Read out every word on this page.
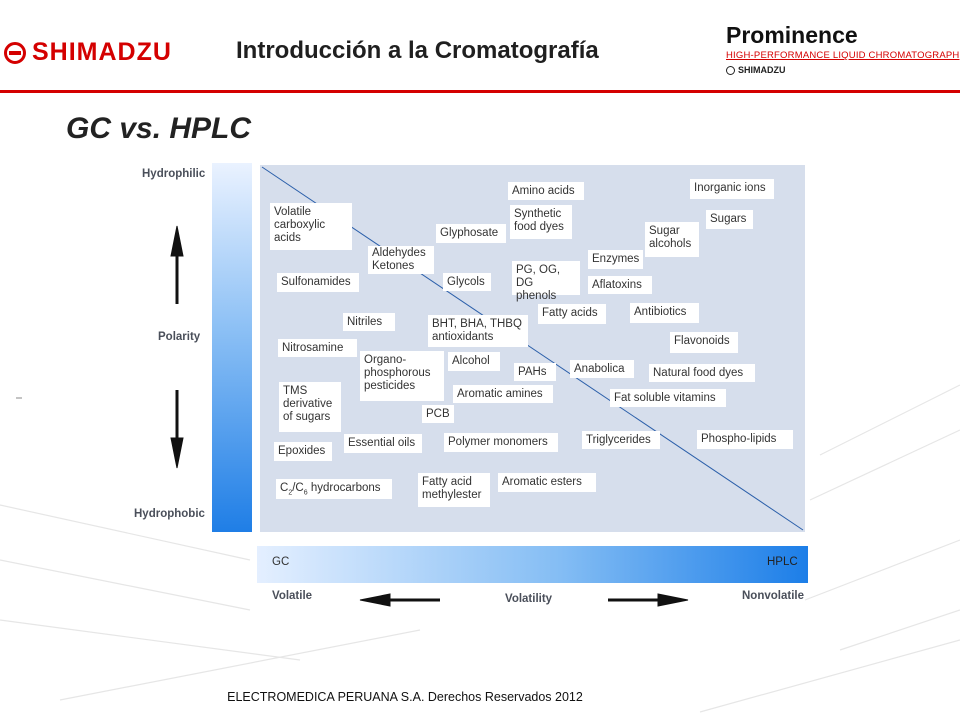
SHIMADZU	Introducción a la Cromatografía
Prominence
HIGH-PERFORMANCE LIQUID CHROMATOGRAPH
SHIMADZU
GC vs. HPLC
Hydrophilic
Polarity
Hydrophobic
Volatile
carboxylic
acids
Aldehydes
Ketones
Glyphosate
Amino acids
Synthetic
food dyes
Inorganic ions
Sugars
Sugar
alcohols
Sulfonamides	Glycols
PG, OG, DG
phenols
Enzymes
Aflatoxins
Nitriles	BHT, BHA, THBQ
antioxidants
Fatty acids	Antibiotics
Nitrosamine
Organo-
phosphorous
pesticides
Alcohol
Flavonoids
PAHs	Anabolica	Natural food dyes
TMS
derivative
of sugars
Aromatic amines	Fat soluble vitamins
PCB
Epoxides
Essential oils	Polymer monomers	Triglycerides	Phospho-lipids
$C_2/C_6$ hydrocarbons	Fatty acid
methylester
Aromatic esters
GC	HPLC
Volatile	Volatility	Nonvolatile
ELECTROMEDICA PERUANA S.A. Derechos Reservados 2012
